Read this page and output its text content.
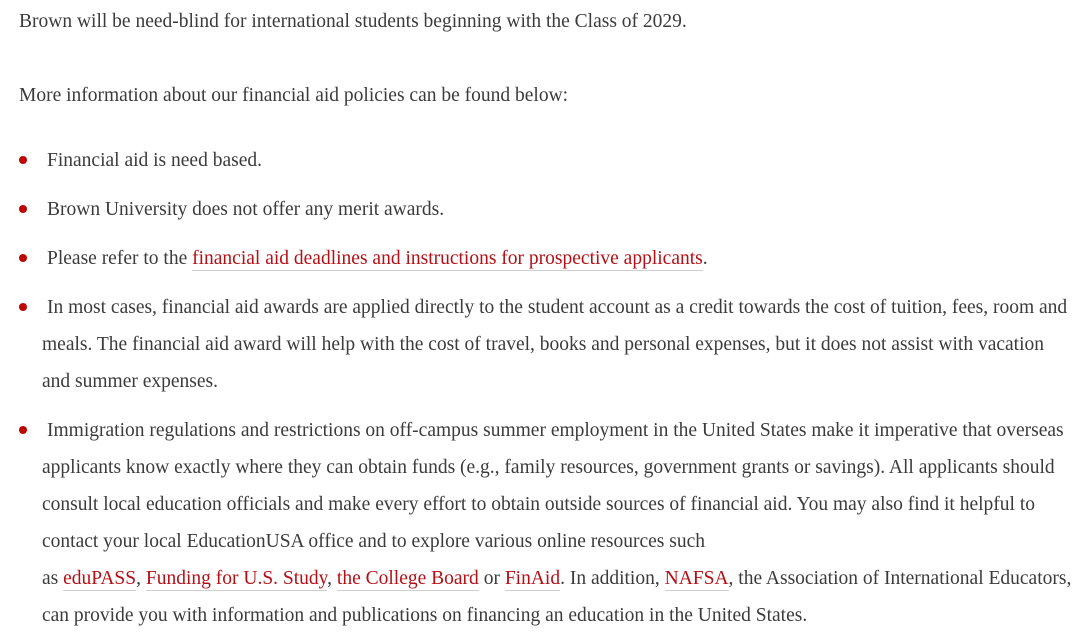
Brown will be need-blind for international students beginning with the Class of 2029.

More information about our financial aid policies can be found below:

Financial aid is need based.
Brown University does not offer any merit awards.
Please refer to the financial aid deadlines and instructions for prospective applicants.
In most cases, financial aid awards are applied directly to the student account as a credit towards the cost of tuition, fees, room and meals. The financial aid award will help with the cost of travel, books and personal expenses, but it does not assist with vacation and summer expenses.
Immigration regulations and restrictions on off-campus summer employment in the United States make it imperative that overseas applicants know exactly where they can obtain funds (e.g., family resources, government grants or savings). All applicants should consult local education officials and make every effort to obtain outside sources of financial aid. You may also find it helpful to contact your local EducationUSA office and to explore various online resources such
as eduPASS, Funding for U.S. Study, the College Board or FinAid. In addition, NAFSA, the Association of International Educators, can provide you with information and publications on financing an education in the United States.
